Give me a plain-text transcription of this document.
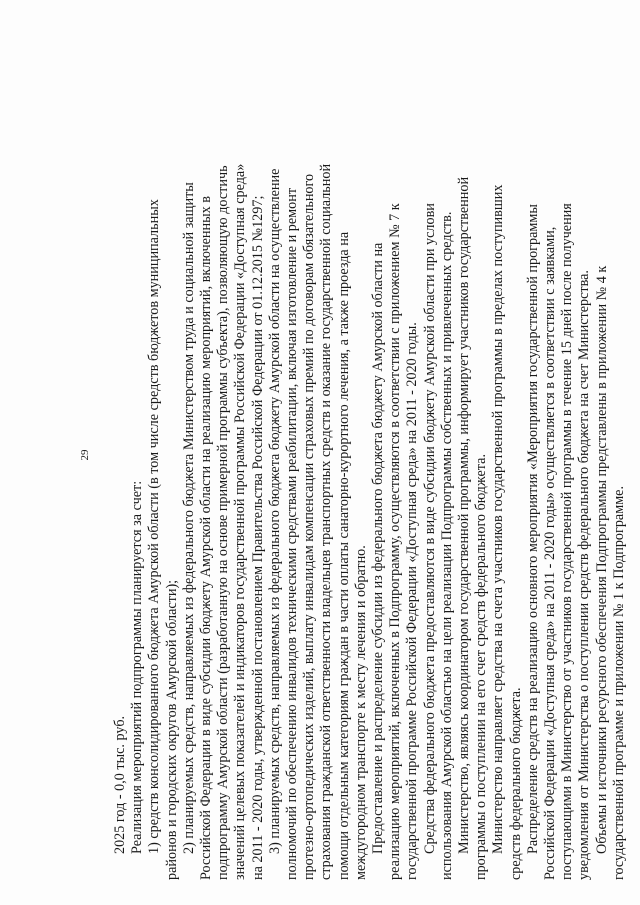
29
2025 год - 0,0 тыс. руб. Реализация мероприятий подпрограммы планируется за счет: 1) средств консолидированного бюджета Амурской области (в том числе средств бюджетов муниципальных районов и городских округов Амурской области); 2) планируемых средств, направляемых из федерального бюджета Министерством труда и социальной защиты Российской Федерации в виде субсидии бюджету Амурской области на реализацию мероприятий, включенных в подпрограмму Амурской области (разработанную на основе примерной программы субъекта), позволяющую достичь значений целевых показателей и индикаторов государственной программы Российской Федерации «Доступная среда» на 2011 - 2020 годы, утвержденной постановлением Правительства Российской Федерации от 01.12.2015 №1297; 3) планируемых средств, направляемых из федерального бюджета бюджету Амурской области на осуществление полномочий по обеспечению инвалидов техническими средствами реабилитации, включая изготовление и ремонт протезно-ортопедических изделий, выплату инвалидам компенсации страховых премий по договорам обязательного страхования гражданской ответственности владельцев транспортных средств и оказание государственной социальной помощи отдельным категориям граждан в части оплаты санаторно-курортного лечения, а также проезда на междугородном транспорте к месту лечения и обратно. Предоставление и распределение субсидии из федерального бюджета бюджету Амурской области на реализацию мероприятий, включенных в Подпрограмму, осуществляются в соответствии с приложением № 7 к государственной программе Российской Федерации «Доступная среда» на 2011 - 2020 годы. Средства федерального бюджета предоставляются в виде субсидии бюджету Амурской области при услови использования Амурской областью на цели реализации Подпрограммы собственных и привлеченных средств. Министерство, являясь координатором государственной программы, информирует участников государственной программы о поступлении на его счет средств федерального бюджета. Министерство направляет средства на счета участников государственной программы в пределах поступивших средств федерального бюджета. Распределение средств на реализацию основного мероприятия «Мероприятия государственной программы Российской Федерации «Доступная среда» на 2011 - 2020 годы» осуществляется в соответствии с заявками, поступающими в Министерство от участников государственной программы в течение 15 дней после получения уведомления от Министерства о поступлении средств федерального бюджета на счет Министерства. Объемы и источники ресурсного обеспечения Подпрограммы представлены в приложении № 4 к государственной программе и приложении № 1 к Подпрограмме.
